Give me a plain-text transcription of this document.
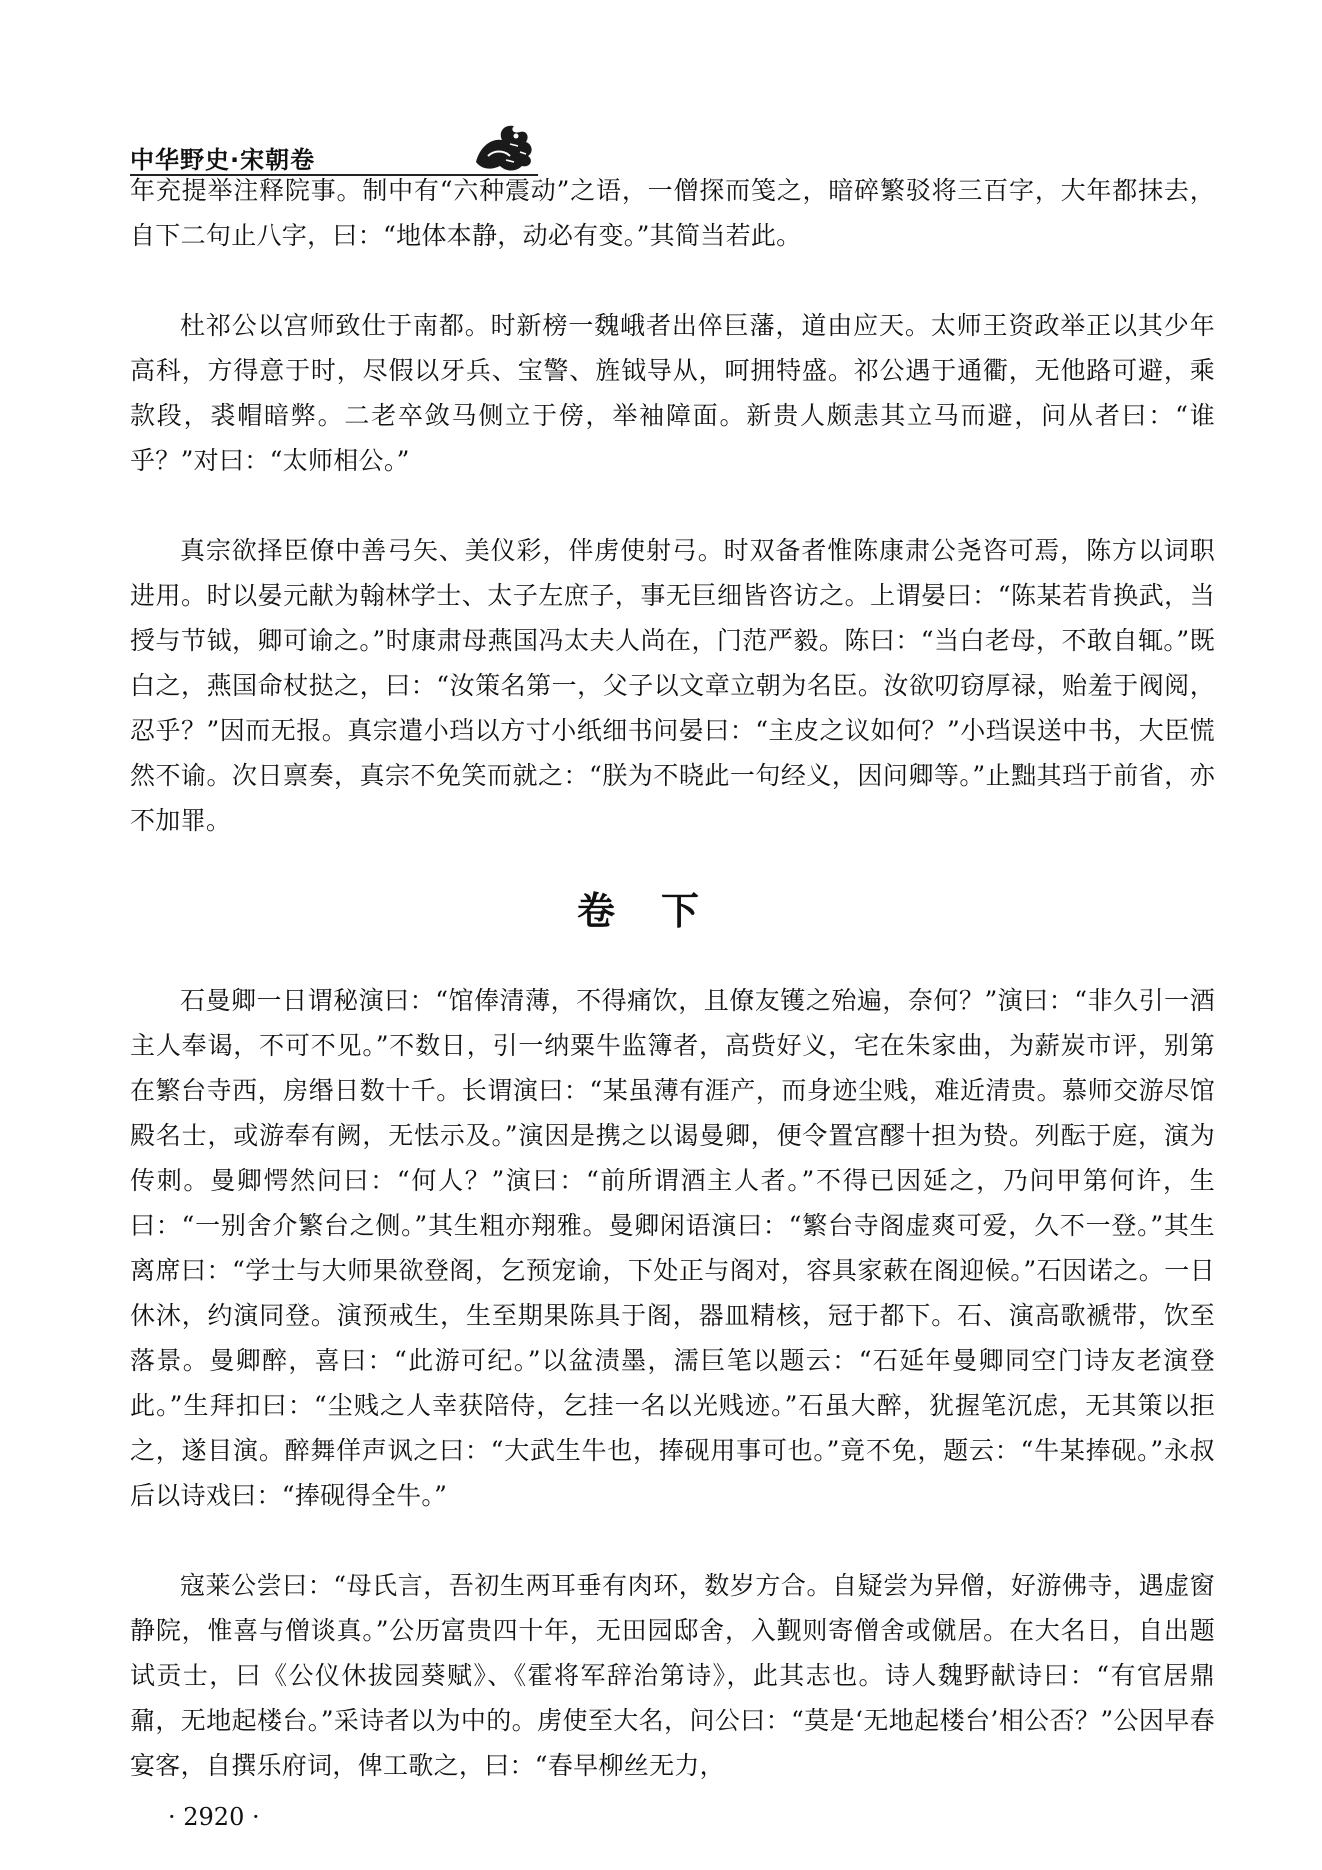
中华野史·宋朝卷

年充提举注释院事。制中有“六种震动”之语，一僧探而笺之，暗碎繁驳将三百字，大年都抹去，自下二句止八字，曰：“地体本静，动必有变。”其简当若此。

杜祁公以宫师致仕于南都。时新榜一魏峨者出倅巨藩，道由应天。太师王资政举正以其少年高科，方得意于时，尽假以牙兵、宝警、旌钺导从，呵拥特盛。祁公遇于通衢，无他路可避，乘款段，裘帽暗弊。二老卒敛马侧立于傍，举袖障面。新贵人颇恚其立马而避，问从者曰：“谁乎？”对曰：“太师相公。”

真宗欲择臣僚中善弓矢、美仪彩，伴虏使射弓。时双备者惟陈康肃公尧咨可焉，陈方以词职进用。时以晏元献为翰林学士、太子左庶子，事无巨细皆咨访之。上谓晏曰：“陈某若肯换武，当授与节钺，卿可谕之。”时康肃母燕国冯太夫人尚在，门范严毅。陈曰：“当白老母，不敢自辄。”既白之，燕国命杖挞之，曰：“汝策名第一，父子以文章立朝为名臣。汝欲叨窃厚禄，贻羞于阀阅，忍乎？”因而无报。真宗遣小珰以方寸小纸细书问晏曰：“主皮之议如何？”小珰误送中书，大臣慌然不谕。次日禀奏，真宗不免笑而就之：“朕为不晓此一句经义，因问卿等。”止黜其珰于前省，亦不加罪。

卷下

石曼卿一日谓秘演曰：“馆俸清薄，不得痛饮，且僚友镬之殆遍，奈何？”演曰：“非久引一酒主人奉谒，不可不见。”不数日，引一纳粟牛监簿者，高赀好义，宅在朱家曲，为薪炭市评，别第在繁台寺西，房缗日数十千。长谓演曰：“某虽薄有涯产，而身迹尘贱，难近清贵。慕师交游尽馆殿名士，或游奉有阙，无怯示及。”演因是携之以谒曼卿，便令置宫醪十担为贽。列酝于庭，演为传刺。曼卿愕然问曰：“何人？”演曰：“前所谓酒主人者。”不得已因延之，乃问甲第何许，生曰：“一别舍介繁台之侧。”其生粗亦翔雅。曼卿闲语演曰：“繁台寺阁虚爽可爱，久不一登。”其生离席曰：“学士与大师果欲登阁，乞预宠谕，下处正与阁对，容具家蔌在阁迎候。”石因诺之。一日休沐，约演同登。演预戒生，生至期果陈具于阁，器皿精核，冠于都下。石、演高歌褫带，饮至落景。曼卿醉，喜曰：“此游可纪。”以盆渍墨，濡巨笔以题云：“石延年曼卿同空门诗友老演登此。”生拜扣曰：“尘贱之人幸获陪侍，乞挂一名以光贱迹。”石虽大醉，犹握笔沉虑，无其策以拒之，遂目演。醉舞佯声讽之曰：“大武生牛也，捧砚用事可也。”竟不免，题云：“牛某捧砚。”永叔后以诗戏曰：“捧砚得全牛。”

寇莱公尝曰：“母氏言，吾初生两耳垂有肉环，数岁方合。自疑尝为异僧，好游佛寺，遇虚窗静院，惟喜与僧谈真。”公历富贵四十年，无田园邸舍，入觐则寄僧舍或僦居。在大名日，自出题试贡士，曰《公仪休拔园葵赋》、《霍将军辞治第诗》，此其志也。诗人魏野献诗曰：“有官居鼎鼐，无地起楼台。”采诗者以为中的。虏使至大名，问公曰：“莫是‘无地起楼台’相公否？”公因早春宴客，自撰乐府词，俾工歌之，曰：“春早柳丝无力，

· 2920 ·
